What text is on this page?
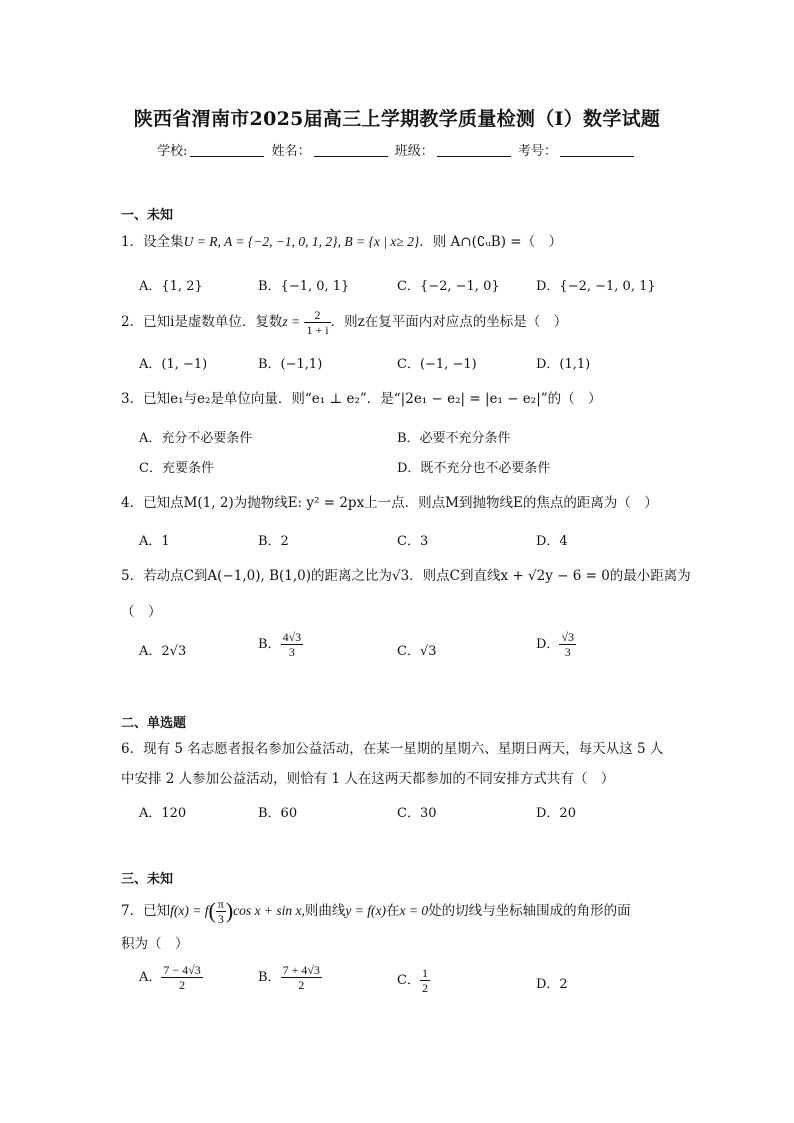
陕西省渭南市2025届高三上学期教学质量检测（Ⅰ）数学试题
学校:	姓名：	班级：	考号：
一、未知
1．设全集U = R, A = {−2, −1, 0, 1, 2}, B = {x | x≥ 2}．则 A∩(∁ᵤB) =（　）
A．{1, 2}	B．{−1, 0, 1}	C．{−2, −1, 0}	D．{−2, −1, 0, 1}
2．已知i是虚数单位．复数$z = \frac{2}{1 + i}$ ．则z在复平面内对应点的坐标是（　）
A．(1, −1)	B．(−1,1)	C．(−1, −1)	D．(1,1)
3．已知e₁与e₂是单位向量．则“e₁ ⊥ e₂”．是“|2e₁ − e₂| = |e₁ − e₂|”的（　）
A．充分不必要条件	B．必要不充分条件
C．充要条件	D．既不充分也不必要条件
4．已知点M(1, 2)为抛物线E: y² = 2px上一点．则点M到抛物线E的焦点的距离为（　）
A．1	B．2	C．3	D．4
5．若动点C到A(−1,0), B(1,0)的距离之比为√3．则点C到直线x + √2y − 6 = 0的最小距离为
（　）
A．2√3	B． $\frac{4√3}{3}$	C．√3	D． $\frac{√3}{3}$
二、单选题
6．现有 5 名志愿者报名参加公益活动，在某一星期的星期六、星期日两天，每天从这 5 人
中安排 2 人参加公益活动，则恰有 1 人在这两天都参加的不同安排方式共有（　）
A．120	B．60	C．30	D．20
三、未知
7．已知$f(x) = f( \frac{\pi}{3} )\cos$ x + sin x,则曲线y = f(x)在x = 0处的切线与坐标轴围成的角形的面
积为（　）
A． $\frac{7 - 4√3}{2}$	B． $\frac{7 + 4√3}{2}$	C． $\frac{1}{2}$	D．2
